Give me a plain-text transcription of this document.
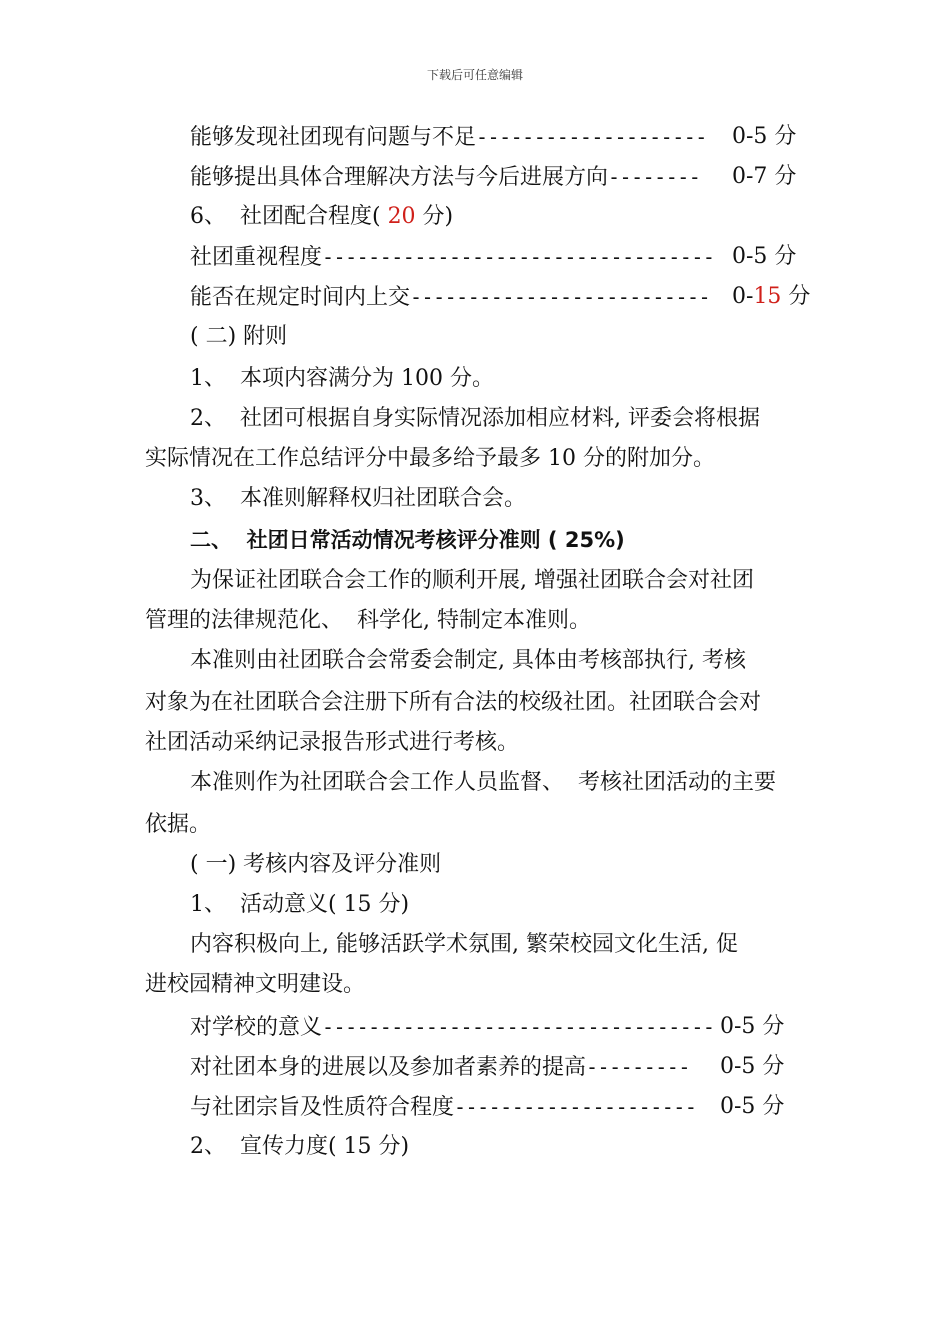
下载后可任意编辑
能够发现社团现有问题与不足-------------------- 0-5 分
能够提出具体合理解决方法与今后进展方向-------- 0-7 分
6、  社团配合程度( 20 分)
社团重视程度---------------------------------- 0-5 分
能否在规定时间内上交-------------------------- 0-15 分
( 二) 附则
1、  本项内容满分为 100 分。
2、  社团可根据自身实际情况添加相应材料, 评委会将根据
实际情况在工作总结评分中最多给予最多 10 分的附加分。
3、  本准则解释权归社团联合会。
二、  社团日常活动情况考核评分准则 ( 25%)
为保证社团联合会工作的顺利开展, 增强社团联合会对社团
管理的法律规范化、  科学化, 特制定本准则。
本准则由社团联合会常委会制定, 具体由考核部执行, 考核
对象为在社团联合会注册下所有合法的校级社团。社团联合会对
社团活动采纳记录报告形式进行考核。
本准则作为社团联合会工作人员监督、  考核社团活动的主要
依据。
( 一) 考核内容及评分准则
1、  活动意义( 15 分)
内容积极向上, 能够活跃学术氛围, 繁荣校园文化生活, 促
进校园精神文明建设。
对学校的意义---------------------------------- 0-5 分
对社团本身的进展以及参加者素养的提高--------- 0-5 分
与社团宗旨及性质符合程度--------------------- 0-5 分
2、  宣传力度( 15 分)
